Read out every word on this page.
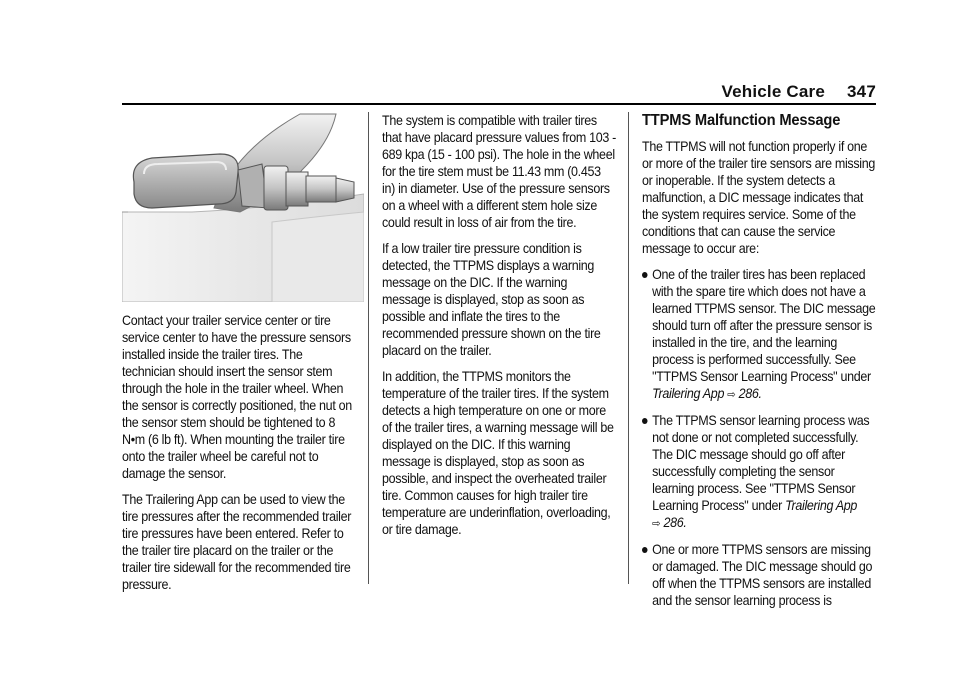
Vehicle Care 347

Contact your trailer service center or tire service center to have the pressure sensors installed inside the trailer tires. The technician should insert the sensor stem through the hole in the trailer wheel. When the sensor is correctly positioned, the nut on the sensor stem should be tightened to 8 N•m (6 lb ft). When mounting the trailer tire onto the trailer wheel be careful not to damage the sensor.

The Trailering App can be used to view the tire pressures after the recommended trailer tire pressures have been entered. Refer to the trailer tire placard on the trailer or the trailer tire sidewall for the recommended tire pressure.

The system is compatible with trailer tires that have placard pressure values from 103 - 689 kpa (15 - 100 psi). The hole in the wheel for the tire stem must be 11.43 mm (0.453 in) in diameter. Use of the pressure sensors on a wheel with a different stem hole size could result in loss of air from the tire.

If a low trailer tire pressure condition is detected, the TTPMS displays a warning message on the DIC. If the warning message is displayed, stop as soon as possible and inflate the tires to the recommended pressure shown on the tire placard on the trailer.

In addition, the TTPMS monitors the temperature of the trailer tires. If the system detects a high temperature on one or more of the trailer tires, a warning message will be displayed on the DIC. If this warning message is displayed, stop as soon as possible, and inspect the overheated trailer tire. Common causes for high trailer tire temperature are underinflation, overloading, or tire damage.

TTPMS Malfunction Message

The TTPMS will not function properly if one or more of the trailer tire sensors are missing or inoperable. If the system detects a malfunction, a DIC message indicates that the system requires service. Some of the conditions that can cause the service message to occur are:

One of the trailer tires has been replaced with the spare tire which does not have a learned TTPMS sensor. The DIC message should turn off after the pressure sensor is installed in the tire, and the learning process is performed successfully. See "TTPMS Sensor Learning Process" under Trailering App ⇨ 286.
The TTPMS sensor learning process was not done or not completed successfully. The DIC message should go off after successfully completing the sensor learning process. See "TTPMS Sensor Learning Process" under Trailering App
⇨ 286.
One or more TTPMS sensors are missing or damaged. The DIC message should go off when the TTPMS sensors are installed and the sensor learning process is
